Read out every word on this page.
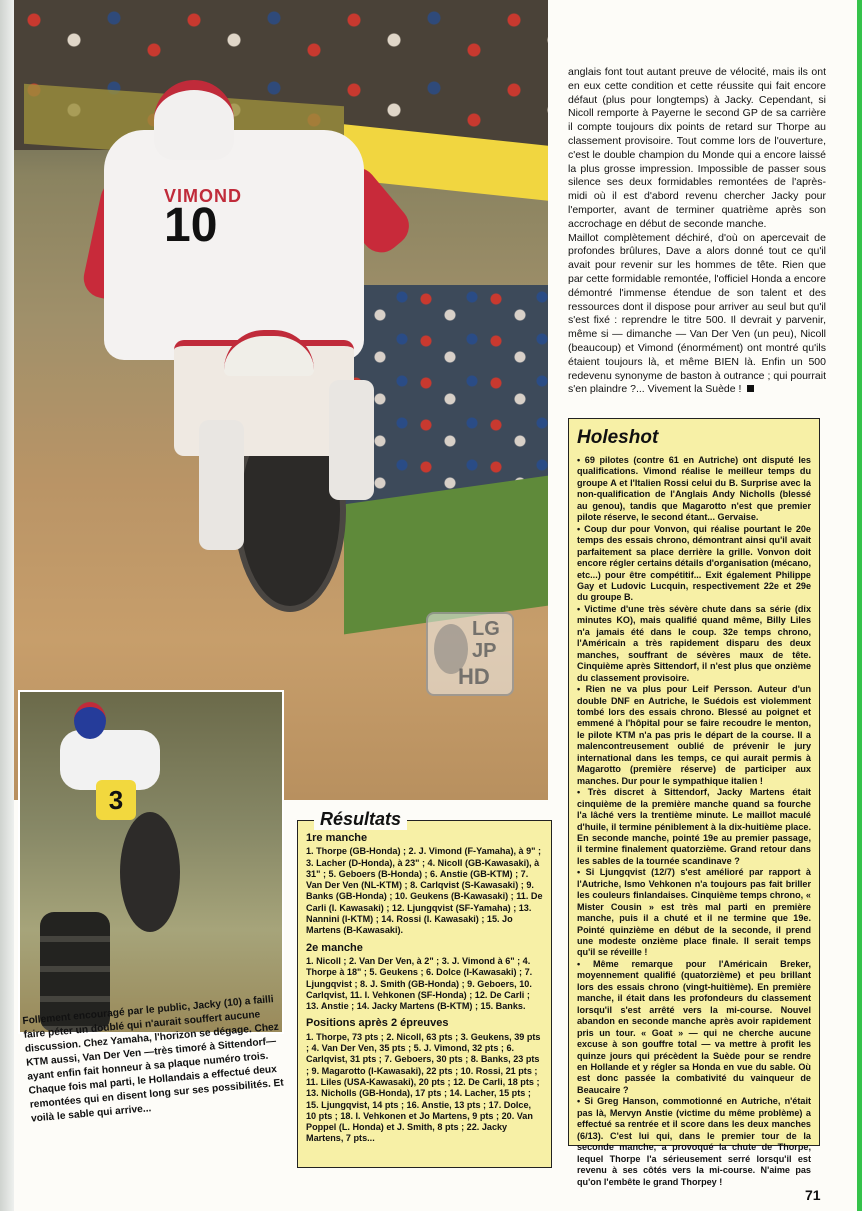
VIMOND
10
LG
JP
HD
3
Follement encouragé par le public, Jacky (10) a failli faire péter un doublé qui n'aurait souffert aucune discussion. Chez Yamaha, l'horizon se dégage. Chez KTM aussi, Van Der Ven —très timoré à Sittendorf— ayant enfin fait honneur à sa plaque numéro trois. Chaque fois mal parti, le Hollandais a effectué deux remontées qui en disent long sur ses possibilités. Et voilà le sable qui arrive...

anglais font tout autant preuve de vélocité, mais ils ont en eux cette condition et cette réussite qui fait encore défaut (plus pour longtemps) à Jacky. Cependant, si Nicoll remporte à Payerne le second GP de sa carrière il compte toujours dix points de retard sur Thorpe au classement provisoire. Tout comme lors de l'ouverture, c'est le double champion du Monde qui a encore laissé la plus grosse impression. Impossible de passer sous silence ses deux formidables remontées de l'après-midi où il est d'abord revenu chercher Jacky pour l'emporter, avant de terminer quatrième après son accrochage en début de seconde manche.

Maillot complètement déchiré, d'où on apercevait de profondes brûlures, Dave a alors donné tout ce qu'il avait pour revenir sur les hommes de tête. Rien que par cette formidable remontée, l'officiel Honda a encore démontré l'immense étendue de son talent et des ressources dont il dispose pour arriver au seul but qu'il s'est fixé : reprendre le titre 500. Il devrait y parvenir, même si — dimanche — Van Der Ven (un peu), Nicoll (beaucoup) et Vimond (énormément) ont montré qu'ils étaient toujours là, et même BIEN là. Enfin un 500 redevenu synonyme de baston à outrance ; qui pourrait s'en plaindre ?... Vivement la Suède !

Holeshot

• 69 pilotes (contre 61 en Autriche) ont disputé les qualifications. Vimond réalise le meilleur temps du groupe A et l'Italien Rossi celui du B. Surprise avec la non-qualification de l'Anglais Andy Nicholls (blessé au genou), tandis que Magarotto n'est que premier pilote réserve, le second étant... Gervaise.

• Coup dur pour Vonvon, qui réalise pourtant le 20e temps des essais chrono, démontrant ainsi qu'il avait parfaitement sa place derrière la grille. Vonvon doit encore régler certains détails d'organisation (mécano, etc...) pour être compétitif... Exit également Philippe Gay et Ludovic Lucquin, respectivement 22e et 29e du groupe B.

• Victime d'une très sévère chute dans sa série (dix minutes KO), mais qualifié quand même, Billy Liles n'a jamais été dans le coup. 32e temps chrono, l'Américain a très rapidement disparu des deux manches, souffrant de sévères maux de tête. Cinquième après Sittendorf, il n'est plus que onzième du classement provisoire.

• Rien ne va plus pour Leif Persson. Auteur d'un double DNF en Autriche, le Suédois est violemment tombé lors des essais chrono. Blessé au poignet et emmené à l'hôpital pour se faire recoudre le menton, le pilote KTM n'a pas pris le départ de la course. Il a malencontreusement oublié de prévenir le jury international dans les temps, ce qui aurait permis à Magarotto (première réserve) de participer aux manches. Dur pour le sympathique italien !

• Très discret à Sittendorf, Jacky Martens était cinquième de la première manche quand sa fourche l'a lâché vers la trentième minute. Le maillot maculé d'huile, il termine péniblement à la dix-huitième place. En seconde manche, pointé 19e au premier passage, il termine finalement quatorzième. Grand retour dans les sables de la tournée scandinave ?

• Si Ljungqvist (12/7) s'est amélioré par rapport à l'Autriche, Ismo Vehkonen n'a toujours pas fait briller les couleurs finlandaises. Cinquième temps chrono, « Mister Cousin » est très mal parti en première manche, puis il a chuté et il ne termine que 19e. Pointé quinzième en début de la seconde, il prend une modeste onzième place finale. Il serait temps qu'il se réveille !

• Même remarque pour l'Américain Breker, moyennement qualifié (quatorzième) et peu brillant lors des essais chrono (vingt-huitième). En première manche, il était dans les profondeurs du classement lorsqu'il s'est arrêté vers la mi-course. Nouvel abandon en seconde manche après avoir rapidement pris un tour. « Goat » — qui ne cherche aucune excuse à son gouffre total — va mettre à profit les quinze jours qui précèdent la Suède pour se rendre en Hollande et y régler sa Honda en vue du sable. Où est donc passée la combativité du vainqueur de Beaucaire ?

• Si Greg Hanson, commotionné en Autriche, n'était pas là, Mervyn Anstie (victime du même problème) a effectué sa rentrée et il score dans les deux manches (6/13). C'est lui qui, dans le premier tour de la seconde manche, a provoqué la chute de Thorpe, lequel Thorpe l'a sérieusement serré lorsqu'il est revenu à ses côtés vers la mi-course. N'aime pas qu'on l'embête le grand Thorpey !

Résultats
1re manche

1. Thorpe (GB-Honda) ; 2. J. Vimond (F-Yamaha), à 9" ; 3. Lacher (D-Honda), à 23" ; 4. Nicoll (GB-Kawasaki), à 31" ; 5. Geboers (B-Honda) ; 6. Anstie (GB-KTM) ; 7. Van Der Ven (NL-KTM) ; 8. Carlqvist (S-Kawasaki) ; 9. Banks (GB-Honda) ; 10. Geukens (B-Kawasaki) ; 11. De Carli (I. Kawasaki) ; 12. Ljungqvist (SF-Yamaha) ; 13. Nannini (I-KTM) ; 14. Rossi (I. Kawasaki) ; 15. Jo Martens (B-Kawasaki).

2e manche

1. Nicoll ; 2. Van Der Ven, à 2" ; 3. J. Vimond à 6" ; 4. Thorpe à 18" ; 5. Geukens ; 6. Dolce (I-Kawasaki) ; 7. Ljungqvist ; 8. J. Smith (GB-Honda) ; 9. Geboers, 10. Carlqvist, 11. I. Vehkonen (SF-Honda) ; 12. De Carli ; 13. Anstie ; 14. Jacky Martens (B-KTM) ; 15. Banks.

Positions après 2 épreuves

1. Thorpe, 73 pts ; 2. Nicoll, 63 pts ; 3. Geukens, 39 pts ; 4. Van Der Ven, 35 pts ; 5. J. Vimond, 32 pts ; 6. Carlqvist, 31 pts ; 7. Geboers, 30 pts ; 8. Banks, 23 pts ; 9. Magarotto (I-Kawasaki), 22 pts ; 10. Rossi, 21 pts ; 11. Liles (USA-Kawasaki), 20 pts ; 12. De Carli, 18 pts ; 13. Nicholls (GB-Honda), 17 pts ; 14. Lacher, 15 pts ; 15. Ljungqvist, 14 pts ; 16. Anstie, 13 pts ; 17. Dolce, 10 pts ; 18. I. Vehkonen et Jo Martens, 9 pts ; 20. Van Poppel (L. Honda) et J. Smith, 8 pts ; 22. Jacky Martens, 7 pts...

71
